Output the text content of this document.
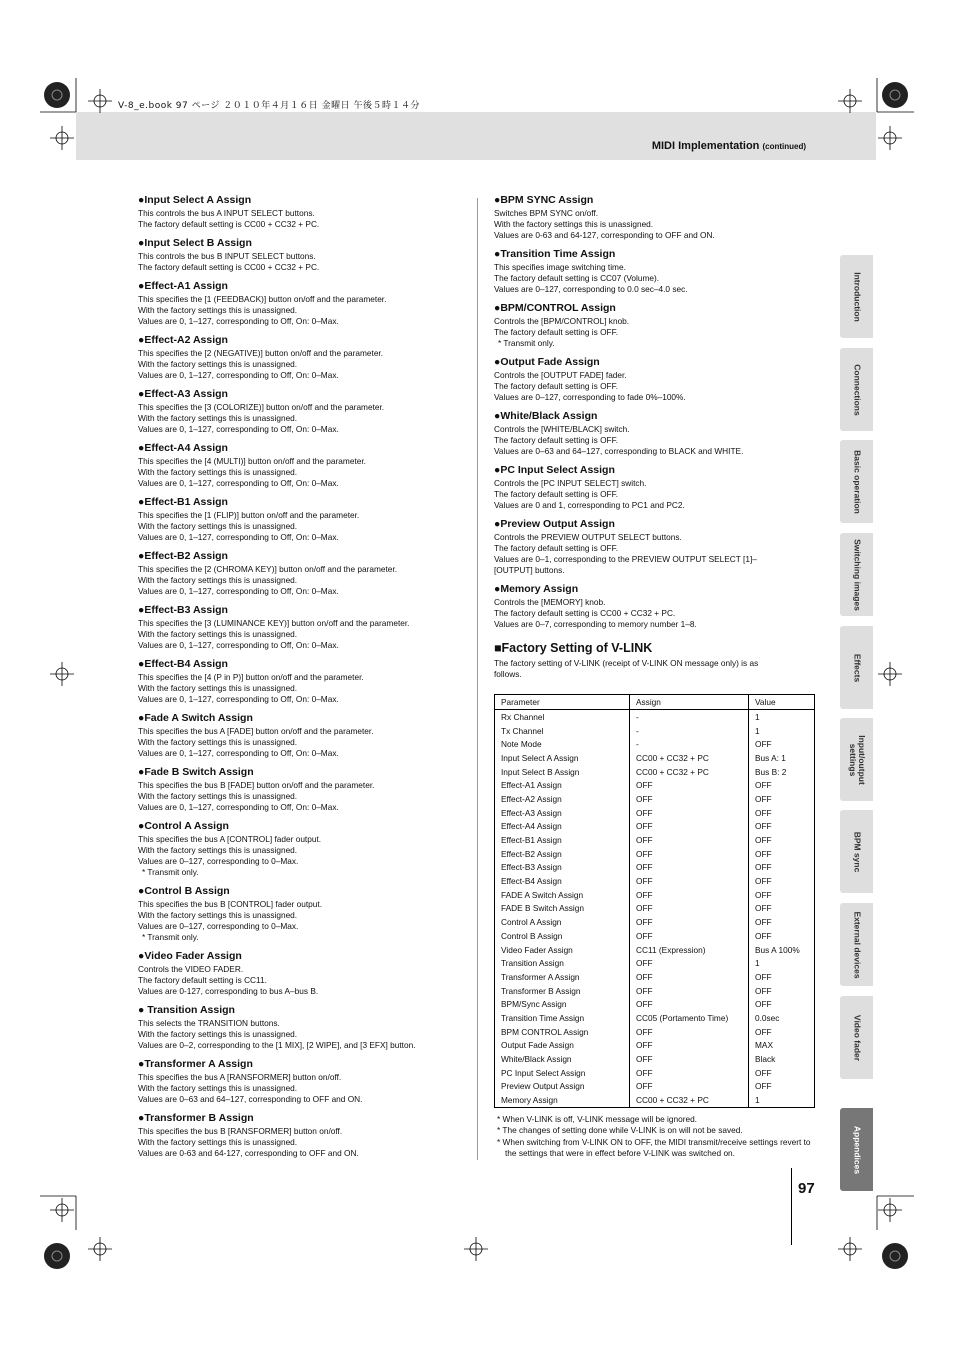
V-8_e.book 97 ページ ２０１０年４月１６日 金曜日 午後５時１４分
MIDI Implementation (continued)
●Input Select A Assign
This controls the bus A INPUT SELECT buttons.
The factory default setting is CC00 + CC32 + PC.
●Input Select B Assign
This controls the bus B INPUT SELECT buttons.
The factory default setting is CC00 + CC32 + PC.
●Effect-A1 Assign
This specifies the [1 (FEEDBACK)] button on/off and the parameter.
With the factory settings this is unassigned.
Values are 0, 1–127, corresponding to Off, On: 0–Max.
●Effect-A2 Assign
This specifies the [2 (NEGATIVE)] button on/off and the parameter.
With the factory settings this is unassigned.
Values are 0, 1–127, corresponding to Off, On: 0–Max.
●Effect-A3 Assign
This specifies the [3 (COLORIZE)] button on/off and the parameter.
With the factory settings this is unassigned.
Values are 0, 1–127, corresponding to Off, On: 0–Max.
●Effect-A4 Assign
This specifies the [4 (MULTI)] button on/off and the parameter.
With the factory settings this is unassigned.
Values are 0, 1–127, corresponding to Off, On: 0–Max.
●Effect-B1 Assign
This specifies the [1 (FLIP)] button on/off and the parameter.
With the factory settings this is unassigned.
Values are 0, 1–127, corresponding to Off, On: 0–Max.
●Effect-B2 Assign
This specifies the [2 (CHROMA KEY)] button on/off and the parameter.
With the factory settings this is unassigned.
Values are 0, 1–127, corresponding to Off, On: 0–Max.
●Effect-B3 Assign
This specifies the [3 (LUMINANCE KEY)] button on/off and the parameter.
With the factory settings this is unassigned.
Values are 0, 1–127, corresponding to Off, On: 0–Max.
●Effect-B4 Assign
This specifies the [4 (P in P)] button on/off and the parameter.
With the factory settings this is unassigned.
Values are 0, 1–127, corresponding to Off, On: 0–Max.
●Fade A Switch Assign
This specifies the bus A [FADE] button on/off and the parameter.
With the factory settings this is unassigned.
Values are 0, 1–127, corresponding to Off, On: 0–Max.
●Fade B Switch Assign
This specifies the bus B [FADE] button on/off and the parameter.
With the factory settings this is unassigned.
Values are 0, 1–127, corresponding to Off, On: 0–Max.
●Control A Assign
This specifies the bus A [CONTROL] fader output.
With the factory settings this is unassigned.
Values are 0–127, corresponding to 0–Max.
* Transmit only.
●Control B Assign
This specifies the bus B [CONTROL] fader output.
With the factory settings this is unassigned.
Values are 0–127, corresponding to 0–Max.
* Transmit only.
●Video Fader Assign
Controls the VIDEO FADER.
The factory default setting is CC11.
Values are 0-127, corresponding to bus A–bus B.
● Transition Assign
This selects the TRANSITION buttons.
With the factory settings this is unassigned.
Values are 0–2, corresponding to the [1 MIX], [2 WIPE], and [3 EFX] button.
●Transformer A Assign
This specifies the bus A [RANSFORMER] button on/off.
With the factory settings this is unassigned.
Values are 0–63 and 64–127, corresponding to OFF and ON.
●Transformer B Assign
This specifies the bus B [RANSFORMER] button on/off.
With the factory settings this is unassigned.
Values are 0-63 and 64-127, corresponding to OFF and ON.
●BPM SYNC Assign
Switches BPM SYNC on/off.
With the factory settings this is unassigned.
Values are 0-63 and 64-127, corresponding to OFF and ON.
●Transition Time Assign
This specifies image switching time.
The factory default setting is CC07 (Volume).
Values are 0–127, corresponding to 0.0 sec–4.0 sec.
●BPM/CONTROL Assign
Controls the [BPM/CONTROL] knob.
The factory default setting is OFF.
* Transmit only.
●Output Fade Assign
Controls the [OUTPUT FADE] fader.
The factory default setting is OFF.
Values are 0–127, corresponding to fade 0%–100%.
●White/Black Assign
Controls the [WHITE/BLACK] switch.
The factory default setting is OFF.
Values are 0–63 and 64–127, corresponding to BLACK and WHITE.
●PC Input Select Assign
Controls the [PC INPUT SELECT] switch.
The factory default setting is OFF.
Values are 0 and 1, corresponding to PC1 and PC2.
●Preview Output Assign
Controls the PREVIEW OUTPUT SELECT buttons.
The factory default setting is OFF.
Values are 0–1, corresponding to the PREVIEW OUTPUT SELECT [1]–
[OUTPUT] buttons.
●Memory Assign
Controls the [MEMORY] knob.
The factory default setting is CC00 + CC32 + PC.
Values are 0–7, corresponding to memory number 1–8.
■Factory Setting of V-LINK
The factory setting of V-LINK (receipt of V-LINK ON message only) is as
follows.
Parameter	Assign	Value
Rx Channel	-	1
Tx Channel	-	1
Note Mode	-	OFF
Input Select A Assign	CC00 + CC32 + PC	Bus A: 1
Input Select B Assign	CC00 + CC32 + PC	Bus B: 2
Effect-A1 Assign	OFF	OFF
Effect-A2 Assign	OFF	OFF
Effect-A3 Assign	OFF	OFF
Effect-A4 Assign	OFF	OFF
Effect-B1 Assign	OFF	OFF
Effect-B2 Assign	OFF	OFF
Effect-B3 Assign	OFF	OFF
Effect-B4 Assign	OFF	OFF
FADE A Switch Assign	OFF	OFF
FADE B Switch Assign	OFF	OFF
Control A Assign	OFF	OFF
Control B Assign	OFF	OFF
Video Fader Assign	CC11 (Expression)	Bus A 100%
Transition Assign	OFF	1
Transformer A Assign	OFF	OFF
Transformer B Assign	OFF	OFF
BPM/Sync Assign	OFF	OFF
Transition Time Assign	CC05 (Portamento Time)	0.0sec
BPM CONTROL Assign	OFF	OFF
Output Fade Assign	OFF	MAX
White/Black Assign	OFF	Black
PC Input Select Assign	OFF	OFF
Preview Output Assign	OFF	OFF
Memory Assign	CC00 + CC32 + PC	1
* When V-LINK is off, V-LINK message will be ignored.
* The changes of setting done while V-LINK is on will not be saved.
* When switching from V-LINK ON to OFF, the MIDI transmit/receive settings revert to the settings that were in effect before V-LINK was switched on.
Introduction
Connections
Basic operation
Switching images
Effects
Input/output settings
BPM sync
External devices
Video fader
Appendices
97
